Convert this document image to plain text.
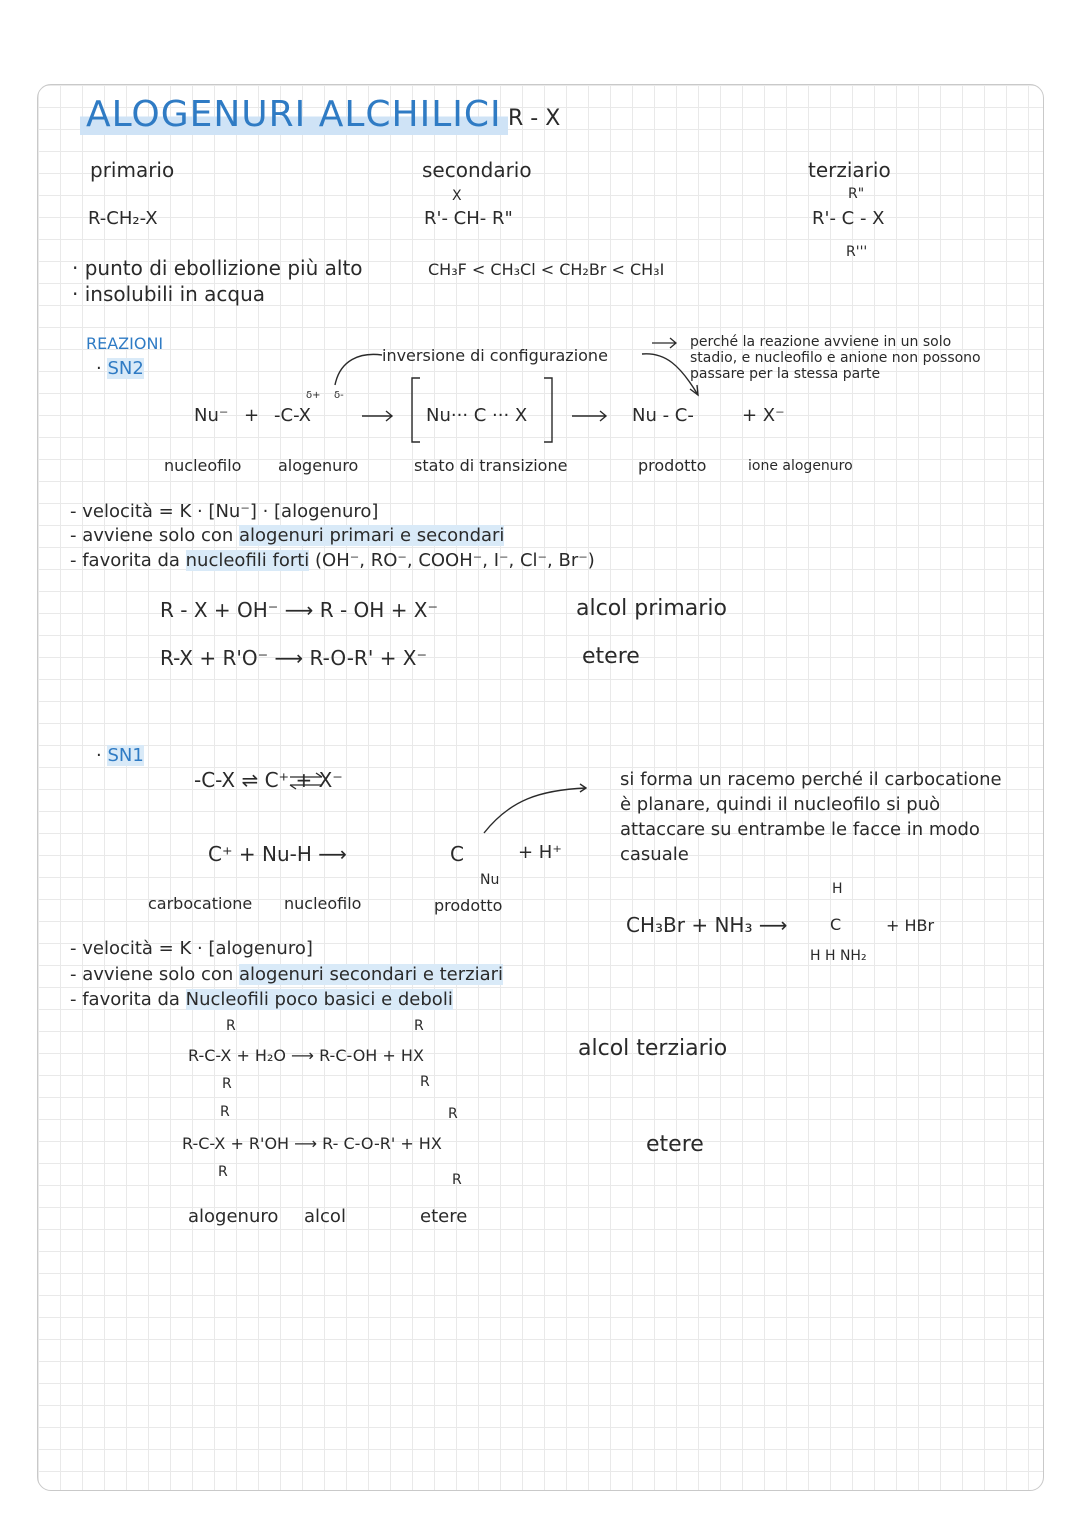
ALOGENURI ALCHILICI R - X
primario
R-CH₂-X
secondario
X
R'- CH- R"
terziario
R"
R'- C - X
R'''
· punto di ebollizione più alto
· insolubili in acqua
CH₃F < CH₃Cl < CH₂Br < CH₃I
REAZIONI
· SN2
inversione di configurazione
perché la reazione avviene in un solo
stadio, e nucleofilo e anione non possono
passare per la stessa parte
Nu⁻ +
δ+ δ-
-C-X	Nu··· C ··· X	Nu - C-	+ X⁻
nucleofilo alogenuro	stato di transizione	prodotto	ione alogenuro
- velocità = K · [Nu⁻] · [alogenuro]
- avviene solo con alogenuri primari e secondari
- favorita da nucleofili forti (OH⁻, RO⁻, COOH⁻, I⁻, Cl⁻, Br⁻)
R - X + OH⁻ ⟶ R - OH + X⁻	alcol primario
R-X + R'O⁻ ⟶ R-O-R' + X⁻	etere
· SN1
-C-X ⇌ C⁺ + X⁻
C⁺ + Nu-H ⟶	C
Nu
+ H⁺
carbocatione nucleofilo	prodotto
si forma un racemo perché il carbocatione
è planare, quindi il nucleofilo si può
attaccare su entrambe le facce in modo
casuale
CH₃Br + NH₃ ⟶
H
C
H H NH₂
+ HBr
- velocità = K · [alogenuro]
- avviene solo con alogenuri secondari e terziari
- favorita da Nucleofili poco basici e deboli
R	R
R-C-X + H₂O ⟶ R-C-OH + HX
R	R
alcol terziario
R	R
R-C-X + R'OH ⟶ R- C-O-R' + HX
R	R
etere
alogenuro alcol	etere
